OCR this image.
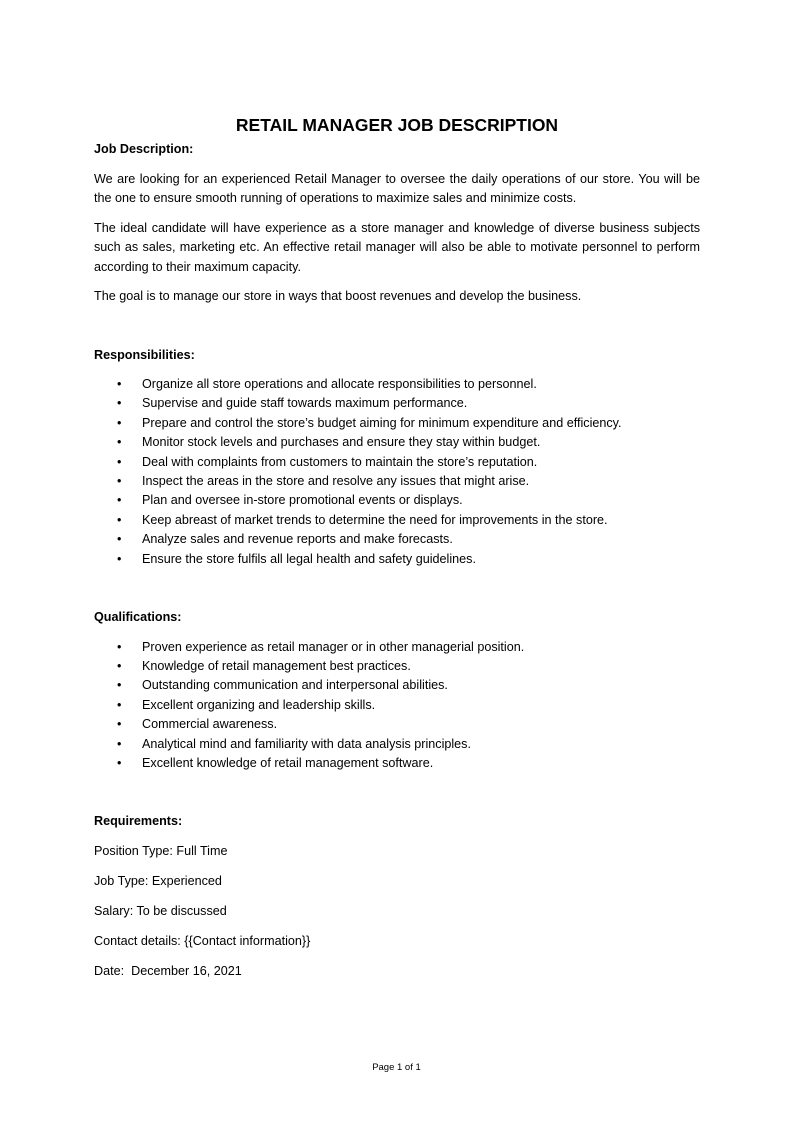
RETAIL MANAGER JOB DESCRIPTION
Job Description:

We are looking for an experienced Retail Manager to oversee the daily operations of our store. You will be the one to ensure smooth running of operations to maximize sales and minimize costs.

The ideal candidate will have experience as a store manager and knowledge of diverse business subjects such as sales, marketing etc. An effective retail manager will also be able to motivate personnel to perform according to their maximum capacity.

The goal is to manage our store in ways that boost revenues and develop the business.

Responsibilities:
• Organize all store operations and allocate responsibilities to personnel.
• Supervise and guide staff towards maximum performance.
• Prepare and control the store’s budget aiming for minimum expenditure and efficiency.
• Monitor stock levels and purchases and ensure they stay within budget.
• Deal with complaints from customers to maintain the store’s reputation.
• Inspect the areas in the store and resolve any issues that might arise.
• Plan and oversee in-store promotional events or displays.
• Keep abreast of market trends to determine the need for improvements in the store.
• Analyze sales and revenue reports and make forecasts.
• Ensure the store fulfils all legal health and safety guidelines.
Qualifications:
• Proven experience as retail manager or in other managerial position.
• Knowledge of retail management best practices.
• Outstanding communication and interpersonal abilities.
• Excellent organizing and leadership skills.
• Commercial awareness.
• Analytical mind and familiarity with data analysis principles.
• Excellent knowledge of retail management software.
Requirements:
Position Type: Full Time
Job Type: Experienced
Salary: To be discussed
Contact details: {{Contact information}}
Date:  December 16, 2021
Page 1 of 1
